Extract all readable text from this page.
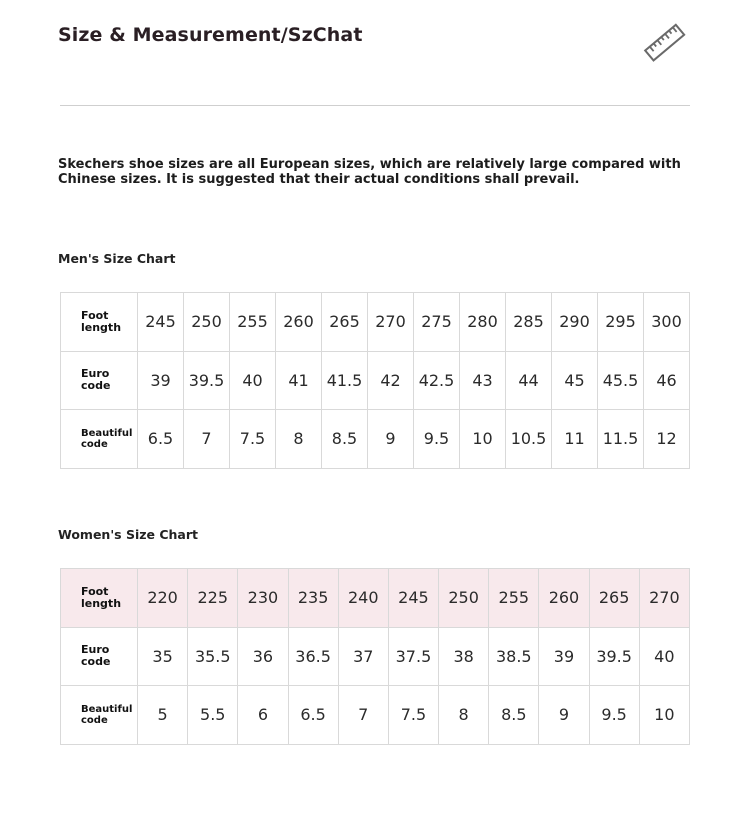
Size & Measurement/SzChat
Skechers shoe sizes are all European sizes, which are relatively large compared with Chinese sizes. It is suggested that their actual conditions shall prevail.
Men's Size Chart
Foot length	245	250	255	260	265	270	275	280	285	290	295	300
Euro code	39	39.5	40	41	41.5	42	42.5	43	44	45	45.5	46
Beautiful code	6.5	7	7.5	8	8.5	9	9.5	10	10.5	11	11.5	12
Women's Size Chart
Foot length	220	225	230	235	240	245	250	255	260	265	270
Euro code	35	35.5	36	36.5	37	37.5	38	38.5	39	39.5	40
Beautiful code	5	5.5	6	6.5	7	7.5	8	8.5	9	9.5	10
